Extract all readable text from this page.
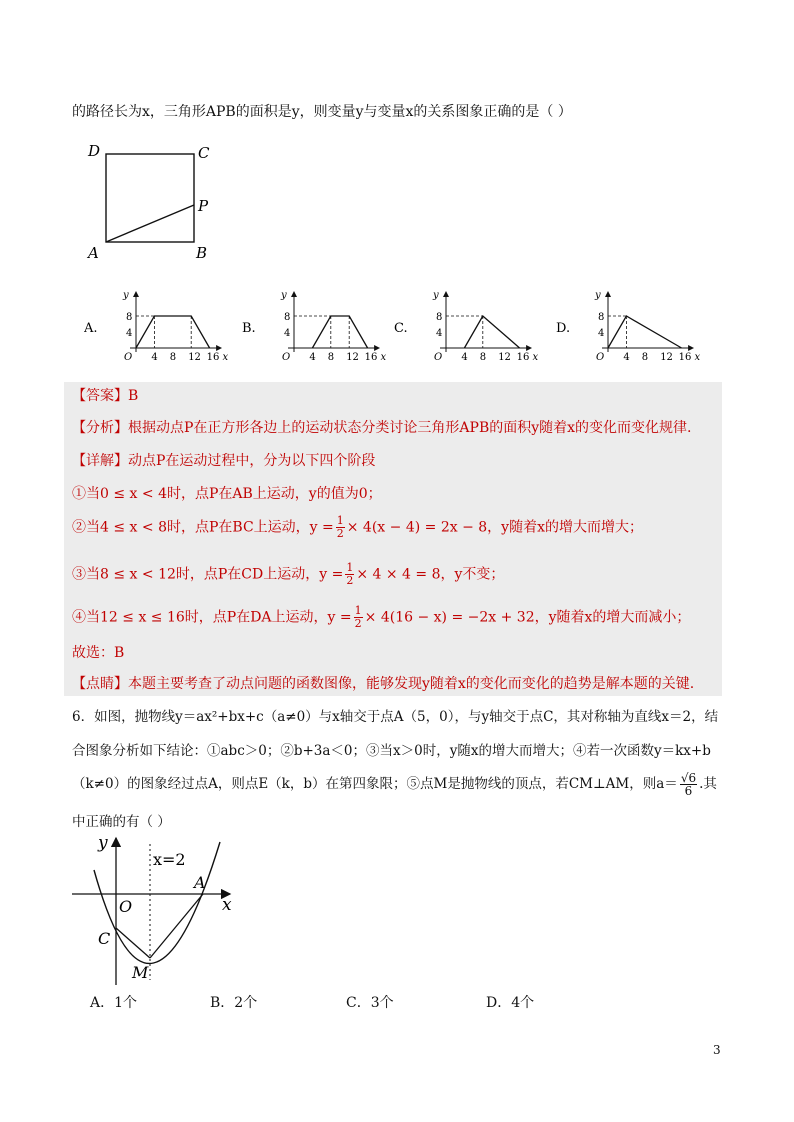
的路径长为x，三角形APB的面积是y，则变量y与变量x的关系图象正确的是（ ）
D	C
P
A	B
A.
4 8 12 16
8
4
O	x
y
B.
4 8 12 16
8
4
O	x
y
C.
4 8 12 16
8
4
O	x
y
D.
4 8 12 16
8
4
O	x
y
【答案】B
【分析】根据动点P在正方形各边上的运动状态分类讨论三角形APB的面积y随着x的变化而变化规律.
【详解】动点P在运动过程中，分为以下四个阶段
①当0 ≤ x < 4时，点P在AB上运动，y的值为0；
②当4 ≤ x < 8时，点P在BC上运动，$y = \frac{1}{2} \times 4(x - 4) = 2x - 8$，y随着x的增大而增大；
③当8 ≤ x < 12时，点P在CD上运动，$y = \frac{1}{2} \times 4 \times 4 = 8$，y不变；
④当12 ≤ x ≤ 16时，点P在DA上运动，$y = \frac{1}{2} \times 4(16 - x) = -2x + 32$，y随着x的增大而减小；
故选：B
【点睛】本题主要考查了动点问题的函数图像，能够发现y随着x的变化而变化的趋势是解本题的关键.
6．如图，抛物线y＝ax²+bx+c（a≠0）与x轴交于点A（5，0），与y轴交于点C，其对称轴为直线x＝2，结
合图象分析如下结论：①abc＞0；②b+3a＜0；③当x＞0时，y随x的增大而增大；④若一次函数y＝kx+b
（k≠0）的图象经过点A，则点E（k，b）在第四象限；⑤点M是抛物线的顶点，若CM⊥AM，则$a= \frac{√6}{6}$ .其
中正确的有（ ）
y
x
x=2
O
A
C
M
A．1个	B．2个	C．3个	D．4个
3
